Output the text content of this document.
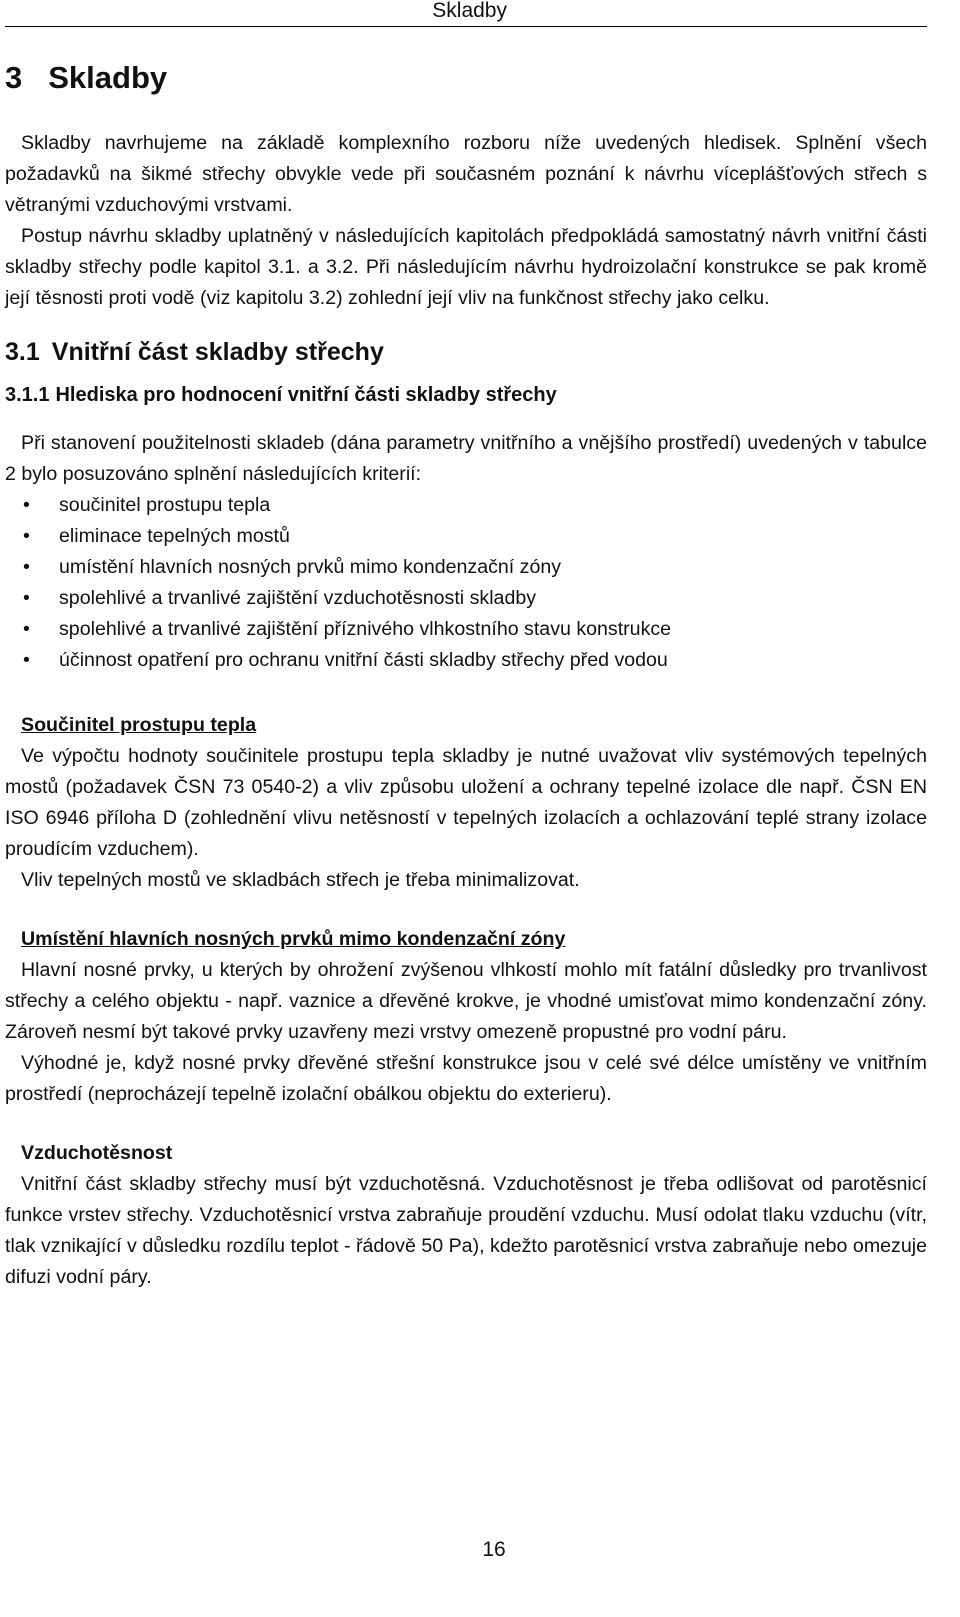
Skladby
3 Skladby

Skladby navrhujeme na základě komplexního rozboru níže uvedených hledisek. Splnění všech požadavků na šikmé střechy obvykle vede při současném poznání k návrhu víceplášťových střech s větranými vzduchovými vrstvami.

Postup návrhu skladby uplatněný v následujících kapitolách předpokládá samostatný návrh vnitřní části skladby střechy podle kapitol 3.1. a 3.2. Při následujícím návrhu hydroizolační konstrukce se pak kromě její těsnosti proti vodě (viz kapitolu 3.2) zohlední její vliv na funkčnost střechy jako celku.

3.1 Vnitřní část skladby střechy
3.1.1 Hlediska pro hodnocení vnitřní části skladby střechy

Při stanovení použitelnosti skladeb (dána parametry vnitřního a vnějšího prostředí) uvedených v tabulce 2 bylo posuzováno splnění následujících kriterií:

• součinitel prostupu tepla
• eliminace tepelných mostů
• umístění hlavních nosných prvků mimo kondenzační zóny
• spolehlivé a trvanlivé zajištění vzduchotěsnosti skladby
• spolehlivé a trvanlivé zajištění příznivého vlhkostního stavu konstrukce
• účinnost opatření pro ochranu vnitřní části skladby střechy před vodou
Součinitel prostupu tepla

Ve výpočtu hodnoty součinitele prostupu tepla skladby je nutné uvažovat vliv systémových tepelných mostů (požadavek ČSN 73 0540-2) a vliv způsobu uložení a ochrany tepelné izolace dle např. ČSN EN ISO 6946 příloha D (zohlednění vlivu netěsností v tepelných izolacích a ochlazování teplé strany izolace proudícím vzduchem).

Vliv tepelných mostů ve skladbách střech je třeba minimalizovat.

Umístění hlavních nosných prvků mimo kondenzační zóny

Hlavní nosné prvky, u kterých by ohrožení zvýšenou vlhkostí mohlo mít fatální důsledky pro trvanlivost střechy a celého objektu - např. vaznice a dřevěné krokve, je vhodné umisťovat mimo kondenzační zóny. Zároveň nesmí být takové prvky uzavřeny mezi vrstvy omezeně propustné pro vodní páru.

Výhodné je, když nosné prvky dřevěné střešní konstrukce jsou v celé své délce umístěny ve vnitřním prostředí (neprocházejí tepelně izolační obálkou objektu do exterieru).

Vzduchotěsnost

Vnitřní část skladby střechy musí být vzduchotěsná. Vzduchotěsnost je třeba odlišovat od parotěsnicí funkce vrstev střechy. Vzduchotěsnicí vrstva zabraňuje proudění vzduchu. Musí odolat tlaku vzduchu (vítr, tlak vznikající v důsledku rozdílu teplot - řádově 50 Pa), kdežto parotěsnicí vrstva zabraňuje nebo omezuje difuzi vodní páry.

16
